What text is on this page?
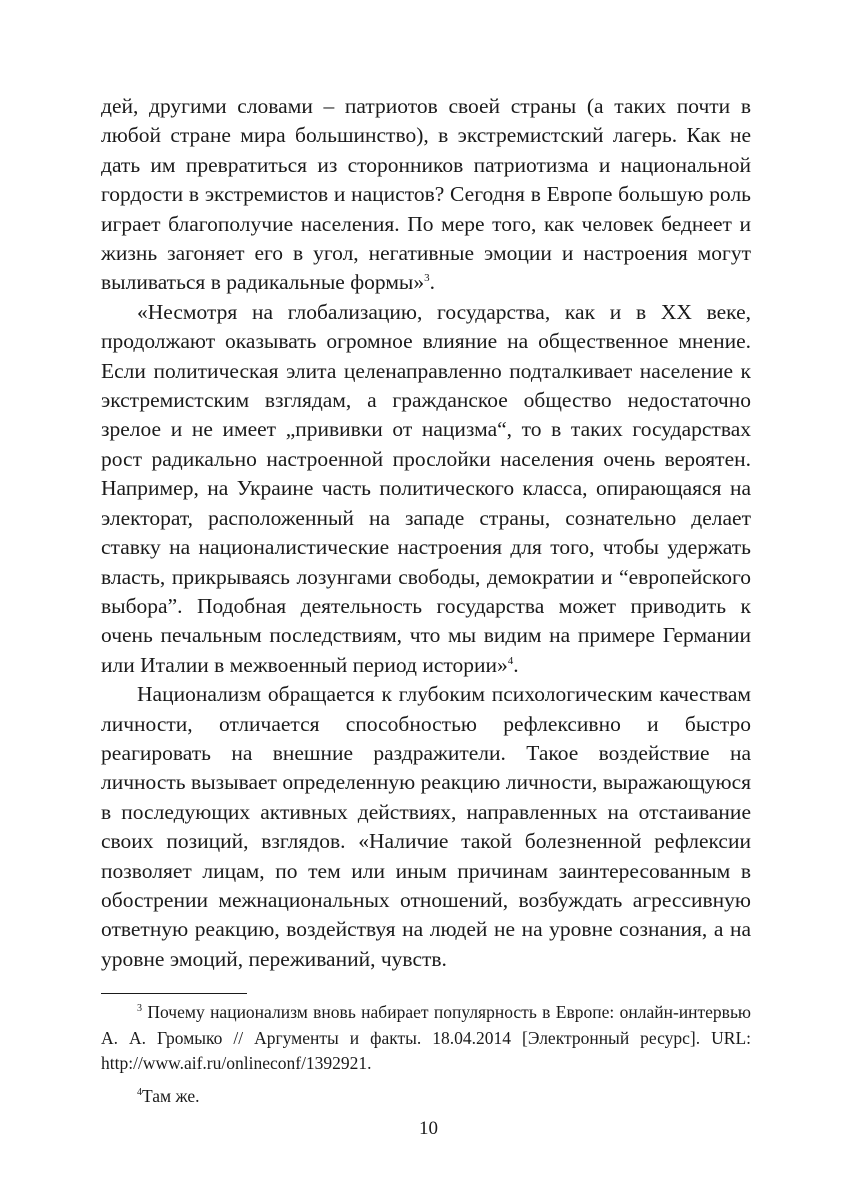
дей, другими словами – патриотов своей страны (а таких почти в любой стране мира большинство), в экстремистский лагерь. Как не дать им превратиться из сторонников патриотизма и национальной гордости в экстремистов и нацистов? Сегодня в Европе большую роль играет благополучие населения. По мере того, как человек беднеет и жизнь загоняет его в угол, негативные эмоции и настроения могут выливаться в радикальные формы»$^3$.

«Несмотря на глобализацию, государства, как и в XX веке, продолжают оказывать огромное влияние на общественное мнение. Если политическая элита целенаправленно подталкивает население к экстремистским взглядам, а гражданское общество недостаточно зрелое и не имеет „прививки от нацизма“, то в таких государствах рост радикально настроенной прослойки населения очень вероятен. Например, на Украине часть политического класса, опирающаяся на электорат, расположенный на западе страны, сознательно делает ставку на националистические настроения для того, чтобы удержать власть, прикрываясь лозунгами свободы, демократии и “европейского выбора”. Подобная деятельность государства может приводить к очень печальным последствиям, что мы видим на примере Германии или Италии в межвоенный период истории»$^4$.

Национализм обращается к глубоким психологическим качествам личности, отличается способностью рефлексивно и быстро реагировать на внешние раздражители. Такое воздействие на личность вызывает определенную реакцию личности, выражающуюся в последующих активных действиях, направленных на отстаивание своих позиций, взглядов. «Наличие такой болезненной рефлексии позволяет лицам, по тем или иным причинам заинтересованным в обострении межнациональных отношений, возбуждать агрессивную ответную реакцию, воздействуя на людей не на уровне сознания, а на уровне эмоций, переживаний, чувств.

$^3$ Почему национализм вновь набирает популярность в Европе: онлайн-интервью А. А. Громыко // Аргументы и факты. 18.04.2014 [Электронный ресурс]. URL: http://www.aif.ru/onlineconf/1392921.

$^4$Там же.

10
